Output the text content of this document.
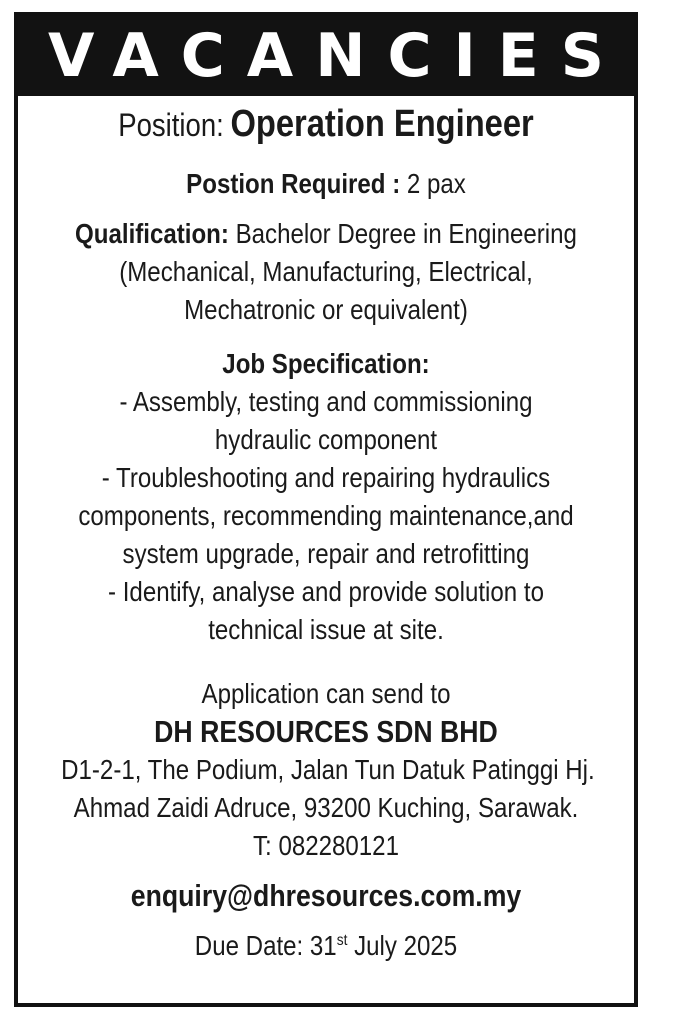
VACANCIES
Position: Operation Engineer
Postion Required : 2 pax
Qualification: Bachelor Degree in Engineering
(Mechanical, Manufacturing, Electrical,
Mechatronic or equivalent)
Job Specification:
- Assembly, testing and commissioning
hydraulic component
- Troubleshooting and repairing hydraulics
components, recommending maintenance,and
system upgrade, repair and retrofitting
- Identify, analyse and provide solution to
technical issue at site.
Application can send to
DH RESOURCES SDN BHD
D1-2-1, The Podium, Jalan Tun Datuk Patinggi Hj.
Ahmad Zaidi Adruce, 93200 Kuching, Sarawak.
T: 082280121
enquiry@dhresources.com.my
Due Date: 31st July 2025
